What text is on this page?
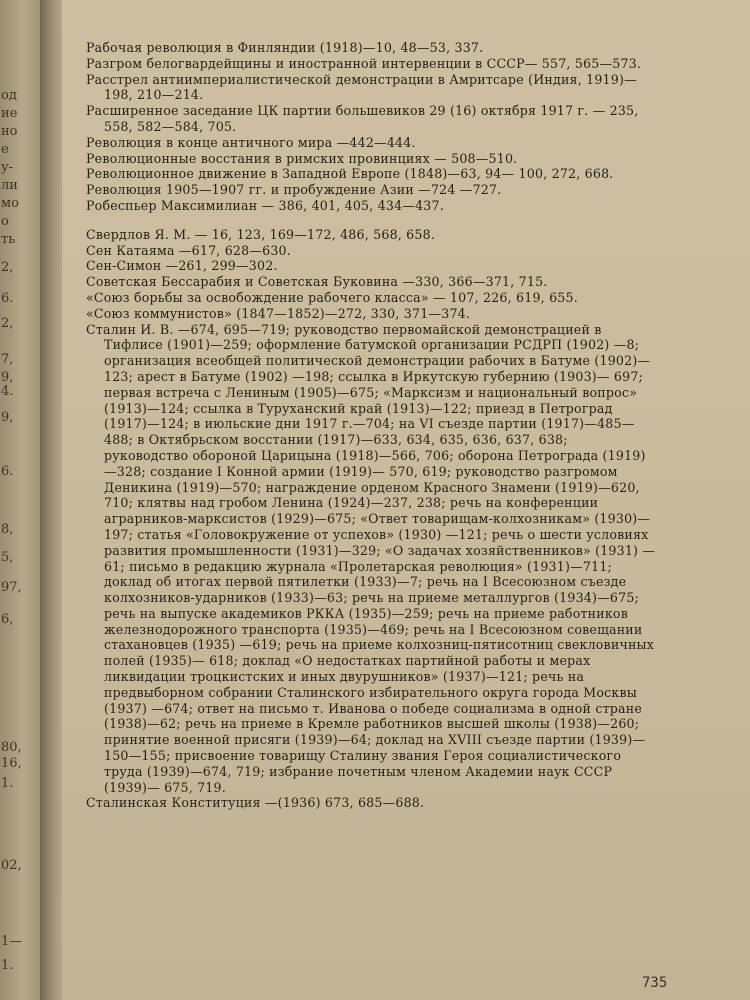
од
ие
но
е
у-
ли
мо
о
ть
2,
6.
2,
7,
9,
4.
9,
6.
8,
5,
97,
6,
80,
16,
1.
02,
1—
1.

Рабочая революция в Финляндии (1918)—10, 48—53, 337.

Разгром белогвардейщины и иностранной интервенции в СССР— 557, 565—573.

Расстрел антиимпериалистической демонстрации в Амритсаре (Индия, 1919)—198, 210—214.

Расширенное заседание ЦК партии большевиков 29 (16) октября 1917 г. — 235, 558, 582—584, 705.

Революция в конце античного мира —442—444.

Революционные восстания в римских провинциях — 508—510.

Революционное движение в Западной Европе (1848)—63, 94— 100, 272, 668.

Революция 1905—1907 гг. и пробуждение Азии —724 —727.

Робеспьер Максимилиан — 386, 401, 405, 434—437.

Свердлов Я. М. — 16, 123, 169—172, 486, 568, 658.

Сен Катаяма —617, 628—630.

Сен-Симон —261, 299—302.

Советская Бессарабия и Советская Буковина —330, 366—371, 715.

«Союз борьбы за освобождение рабочего класса» — 107, 226, 619, 655.

«Союз коммунистов» (1847—1852)—272, 330, 371—374.

Сталин И. В. —674, 695—719; руководство первомайской демонстрацией в Тифлисе (1901)—259; оформление батумской организации РСДРП (1902) —8; организация всеобщей политической демонстрации рабочих в Батуме (1902)—123; арест в Батуме (1902) —198; ссылка в Иркутскую губернию (1903)— 697; первая встреча с Лениным (1905)—675; «Марксизм и национальный вопрос» (1913)—124; ссылка в Туруханский край (1913)—122; приезд в Петроград (1917)—124; в июльские дни 1917 г.—704; на VI съезде партии (1917)—485—488; в Октябрьском восстании (1917)—633, 634, 635, 636, 637, 638; руководство обороной Царицына (1918)—566, 706; оборона Петрограда (1919)—328; создание I Конной армии (1919)— 570, 619; руководство разгромом Деникина (1919)—570; награждение орденом Красного Знамени (1919)—620, 710; клятвы над гробом Ленина (1924)—237, 238; речь на конференции аграрников-марксистов (1929)—675; «Ответ товарищам-колхозникам» (1930)—197; статья «Головокружение от успехов» (1930) —121; речь о шести условиях развития промышленности (1931)—329; «О задачах хозяйственников» (1931) —61; письмо в редакцию журнала «Пролетарская революция» (1931)—711; доклад об итогах первой пятилетки (1933)—7; речь на I Всесоюзном съезде колхозников-ударников (1933)—63; речь на приеме металлургов (1934)—675; речь на выпуске академиков РККА (1935)—259; речь на приеме работников железнодорожного транспорта (1935)—469; речь на I Всесоюзном совещании стахановцев (1935) —619; речь на приеме колхозниц-пятисотниц свекловичных полей (1935)— 618; доклад «О недостатках партийной работы и мерах ликвидации троцкистских и иных двурушников» (1937)—121; речь на предвыборном собрании Сталинского избирательного округа города Москвы (1937) —674; ответ на письмо т. Иванова о победе социализма в одной стране (1938)—62; речь на приеме в Кремле работников высшей школы (1938)—260; принятие военной присяги (1939)—64; доклад на XVIII съезде партии (1939)—150—155; присвоение товарищу Сталину звания Героя социалистического труда (1939)—674, 719; избрание почетным членом Академии наук СССР (1939)— 675, 719.

Сталинская Конституция —(1936) 673, 685—688.

735
